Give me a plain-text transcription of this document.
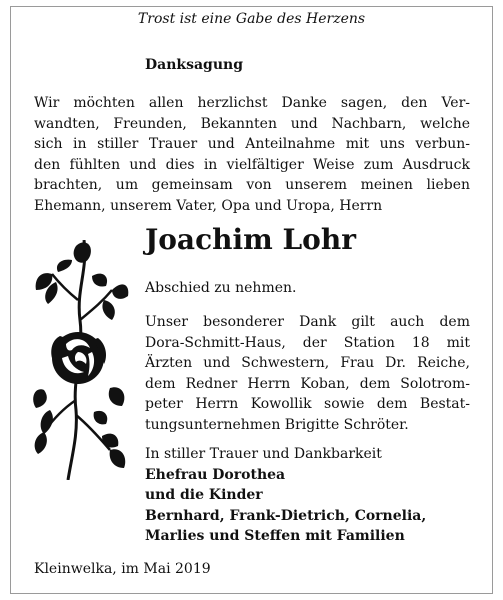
Trost ist eine Gabe des Herzens
Danksagung
Wir möchten allen herzlichst Danke sagen, den Ver-
wandten, Freunden, Bekannten und Nachbarn, welche
sich in stiller Trauer und Anteilnahme mit uns verbun-
den fühlten und dies in vielfältiger Weise zum Ausdruck
brachten, um gemeinsam von unserem meinen lieben
Ehemann, unserem Vater, Opa und Uropa, Herrn
Joachim Lohr
Abschied zu nehmen.
Unser besonderer Dank gilt auch dem
Dora-Schmitt-Haus, der Station 18 mit
Ärzten und Schwestern, Frau Dr. Reiche,
dem Redner Herrn Koban, dem Solotrom-
peter Herrn Kowollik sowie dem Bestat-
tungsunternehmen Brigitte Schröter.
In stiller Trauer und Dankbarkeit
Ehefrau Dorothea
und die Kinder
Bernhard, Frank-Dietrich, Cornelia,
Marlies und Steffen mit Familien
Kleinwelka, im Mai 2019
